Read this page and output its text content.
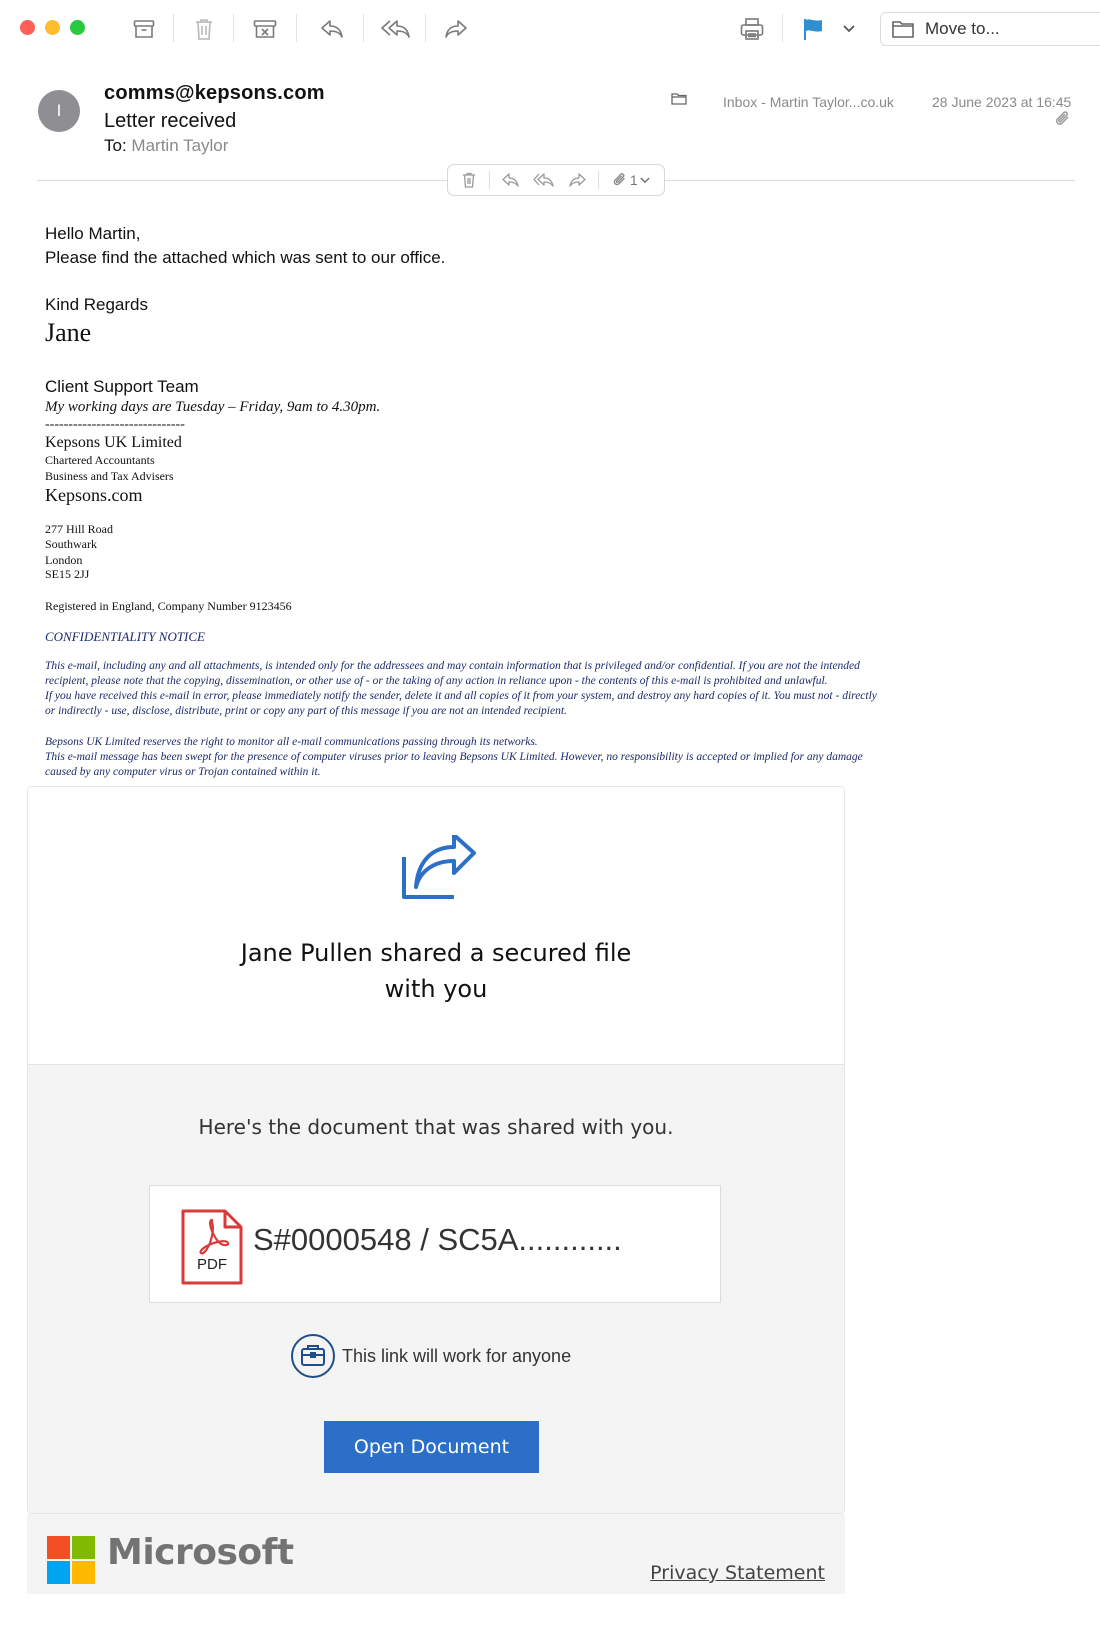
Move to...
I
comms@kepsons.com
Letter received
To: Martin Taylor
Inbox - Martin Taylor...co.uk	28 June 2023 at 16:45
1
Hello Martin,
Please find the attached which was sent to our office.
Kind Regards
Jane
Client Support Team
My working days are Tuesday – Friday, 9am to 4.30pm.
------------------------------
Kepsons UK Limited
Chartered Accountants
Business and Tax Advisers
Kepsons.com
277 Hill Road
Southwark
London
SE15 2JJ
Registered in England, Company Number 9123456
CONFIDENTIALITY NOTICE
This e-mail, including any and all attachments, is intended only for the addressees and may contain information that is privileged and/or confidential. If you are not the intended
recipient, please note that the copying, dissemination, or other use of - or the taking of any action in reliance upon - the contents of this e-mail is prohibited and unlawful.
If you have received this e-mail in error, please immediately notify the sender, delete it and all copies of it from your system, and destroy any hard copies of it. You must not - directly
or indirectly - use, disclose, distribute, print or copy any part of this message if you are not an intended recipient.
Bepsons UK Limited reserves the right to monitor all e-mail communications passing through its networks.
This e-mail message has been swept for the presence of computer viruses prior to leaving Bepsons UK Limited. However, no responsibility is accepted or implied for any damage
caused by any computer virus or Trojan contained within it.
Jane Pullen shared a secured file
with you
Here's the document that was shared with you.
PDF
S#0000548 / SC5A............
This link will work for anyone
Open Document
Microsoft	Privacy Statement
